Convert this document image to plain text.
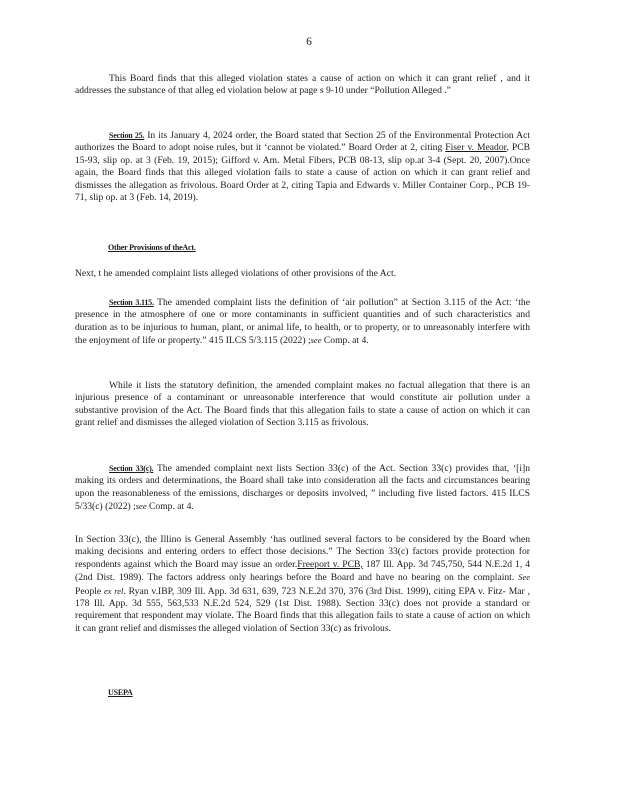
6
This Board finds that this alleged violation states a cause of action on which it can grant relief , and it addresses the substance of that alleg ed violation below at page s 9-10 under “Pollution Alleged .”
Section 25. In its January 4, 2024 order, the Board stated that Section 25 of the Environmental Protection Act authorizes the Board to adopt noise rules, but it ‘cannot be violated.” Board Order at 2, citing Fiser v. Meador, PCB 15-93, slip op. at 3 (Feb. 19, 2015); Gifford v. Am. Metal Fibers, PCB 08-13, slip op.at 3-4 (Sept. 20, 2007).Once again, the Board finds that this alleged violation fails to state a cause of action on which it can grant relief and dismisses the allegation as frivolous. Board Order at 2, citing Tapia and Edwards v. Miller Container Corp., PCB 19-71, slip op. at 3 (Feb. 14, 2019).
Other Provisions of theAct.
Next, t he amended complaint lists alleged violations of other provisions of the Act.
Section 3.115. The amended complaint lists the definition of ‘air pollution” at Section 3.115 of the Act: ‘the presence in the atmosphere of one or more contaminants in sufficient quantities and of such characteristics and duration as to be injurious to human, plant, or animal life, to health, or to property, or to unreasonably interfere with the enjoyment of life or property.” 415 ILCS 5/3.115 (2022) ;see Comp. at 4.
While it lists the statutory definition, the amended complaint makes no factual allegation that there is an injurious presence of a contaminant or unreasonable interference that would constitute air pollution under a substantive provision of the Act. The Board finds that this allegation fails to state a cause of action on which it can grant relief and dismisses the alleged violation of Section 3.115 as frivolous.
Section 33(c). The amended complaint next lists Section 33(c) of the Act. Section 33(c) provides that, ‘[i]n making its orders and determinations, the Board shall take into consideration all the facts and circumstances bearing upon the reasonableness of the emissions, discharges or deposits involved, ” including five listed factors. 415 ILCS 5/33(c) (2022) ;see Comp. at 4.
In Section 33(c), the Illino is General Assembly ‘has outlined several factors to be considered by the Board when making decisions and entering orders to effect those decisions.” The Section 33(c) factors provide protection for respondents against which the Board may issue an order.Freeport v. PCB, 187 Ill. App. 3d 745,750, 544 N.E.2d 1, 4 (2nd Dist. 1989). The factors address only hearings before the Board and have no bearing on the complaint. See People ex rel. Ryan v.IBP, 309 Ill. App. 3d 631, 639, 723 N.E.2d 370, 376 (3rd Dist. 1999), citing EPA v. Fitz- Mar , 178 Ill. App. 3d 555, 563,533 N.E.2d 524, 529 (1st Dist. 1988). Section 33(c) does not provide a standard or requirement that respondent may violate. The Board finds that this allegation fails to state a cause of action on which it can grant relief and dismisses the alleged violation of Section 33(c) as frivolous.
USEPA
